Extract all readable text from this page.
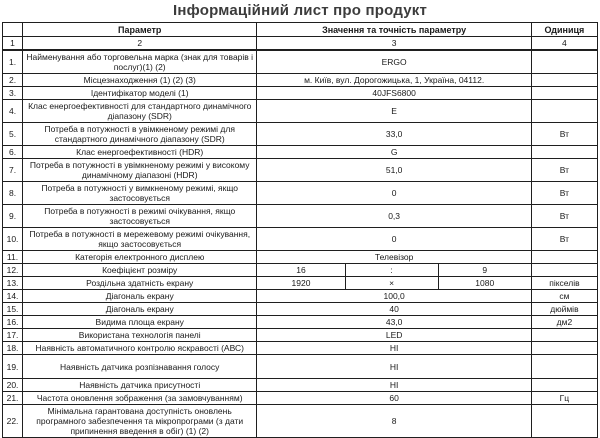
Інформаційний лист про продукт
	Параметр	Значення та точність параметру			Одиниця
1	2	3			4
1.	Найменування або торговельна марка (знак для товарів і послуг)(1) (2)	ERGO			
2.	Місцезнаходження (1) (2) (3)	м. Київ, вул. Дорогожицька, 1, Україна, 04112.			
3.	Ідентифікатор моделі (1)	40JFS6800			
4.	Клас енергоефективності для стандартного динамічного діапазону (SDR)	E			
5.	Потреба в потужності в увімкненому режимі для стандартного динамічного діапазону (SDR)	33,0			Вт
6.	Клас енергоефективності (HDR)	G			
7.	Потреба в потужності в увімкненому режимі у високому динамічному діапазоні (HDR)	51,0			Вт
8.	Потреба в потужності у вимкненому режимі, якщо застосовується	0			Вт
9.	Потреба в потужності в режимі очікування, якщо застосовується	0,3			Вт
10.	Потреба в потужності в мережевому режимі очікування, якщо застосовується	0			Вт
11.	Категорія електронного дисплею	Телевізор			
12.	Коефіцієнт розміру	16	:	9	
13.	Роздільна здатність екрану	1920	×	1080	пікселів
14.	Діагональ екрану	100,0			см
15.	Діагональ екрану	40			дюймів
16.	Видима площа екрану	43,0			дм2
17.	Використана технологія панелі	LED			
18.	Наявність автоматичного контролю яскравості (АВС)	НІ			
19.	Наявність датчика розпізнавання голосу	НІ			
20.	Наявність датчика присутності	НІ			
21.	Частота оновлення зображення (за замовчуванням)	60			Гц
22.	Мінімальна гарантована доступність оновлень програмного забезпечення та мікропрограми (з дати припинення введення в обіг) (1) (2)	8			
